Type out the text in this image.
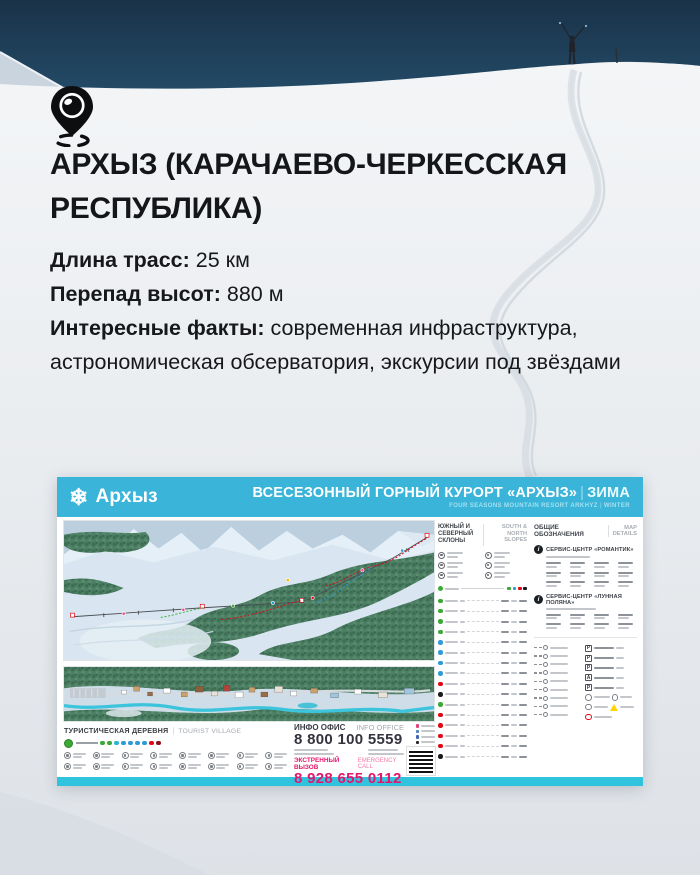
АРХЫЗ (КАРАЧАЕВО-ЧЕРКЕССКАЯ РЕСПУБЛИКА)
Длина трасс: 25 км
Перепад высот: 880 м
Интересные факты: современная инфраструктура, астрономическая обсерватория, экскурсии под звёздами
❄ Архыз	ВСЕСЕЗОННЫЙ ГОРНЫЙ КУРОРТ «АРХЫЗ» | ЗИМА
FOUR SEASONS MOUNTAIN RESORT ARKHYZ | WINTER
ТУРИСТИЧЕСКАЯ ДЕРЕВНЯ | TOURIST VILLAGE	ИНФО ОФИС INFO OFFICE
8 800 100 5559
ЭКСТРЕННЫЙ ВЫЗОВ
EMERGENCY CALL
8 928 655 0112
ЮЖНЫЙ И СЕВЕРНЫЙ СКЛОНЫ
SOUTH & NORTH SLOPES
ОБЩИЕ ОБОЗНАЧЕНИЯ
MAP DETAILS
i	СЕРВИС-ЦЕНТР «РОМАНТИК»
i	СЕРВИС-ЦЕНТР «ЛУННАЯ ПОЛЯНА»
P
P
P
A
P
